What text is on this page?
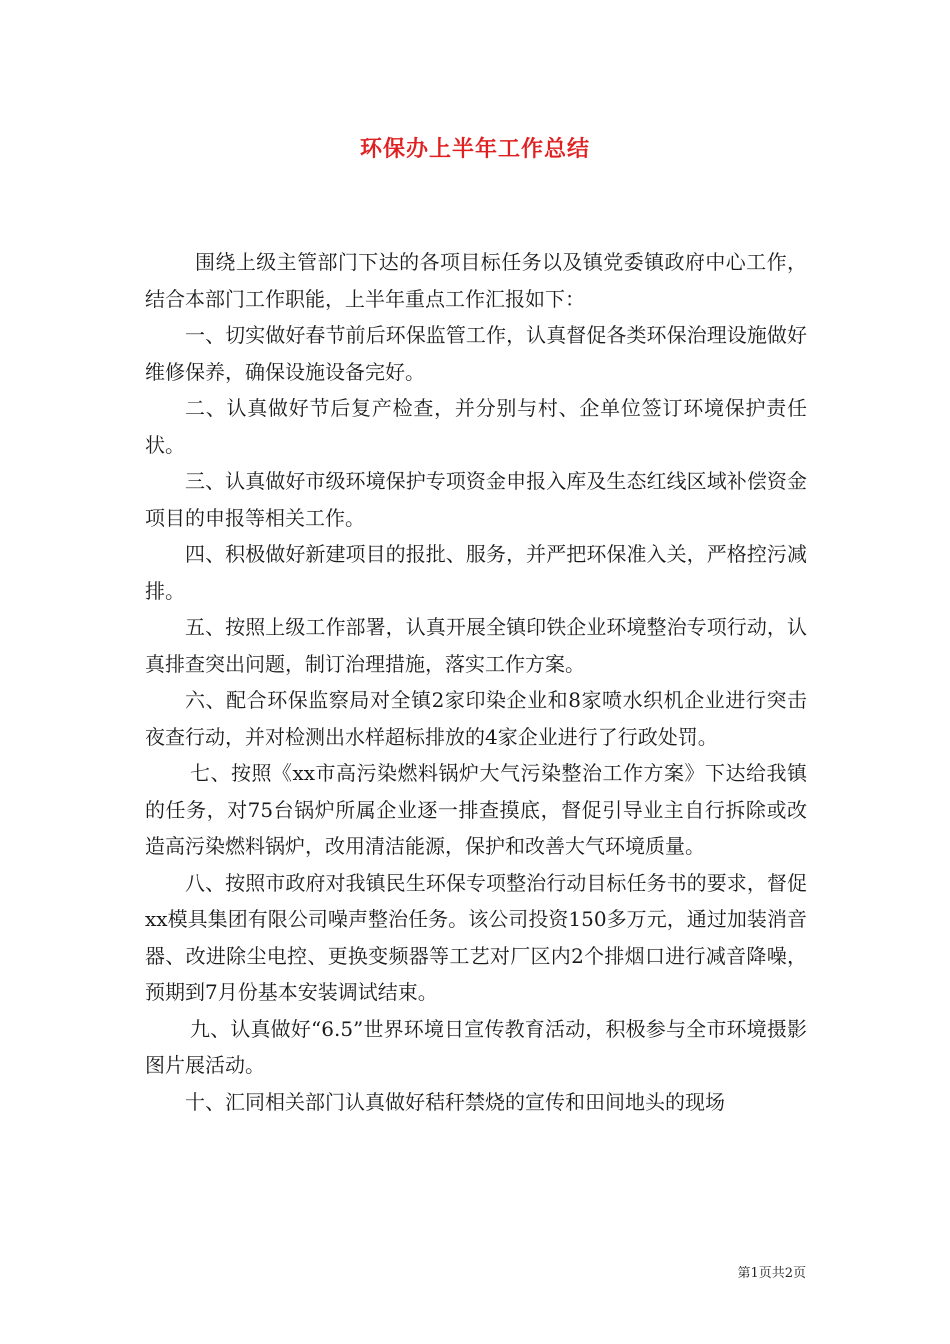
环保办上半年工作总结

围绕上级主管部门下达的各项目标任务以及镇党委镇政府中心工作，结合本部门工作职能，上半年重点工作汇报如下：

一、切实做好春节前后环保监管工作，认真督促各类环保治理设施做好维修保养，确保设施设备完好。

二、认真做好节后复产检查，并分别与村、企单位签订环境保护责任状。

三、认真做好市级环境保护专项资金申报入库及生态红线区域补偿资金项目的申报等相关工作。

四、积极做好新建项目的报批、服务，并严把环保准入关，严格控污减排。

五、按照上级工作部署，认真开展全镇印铁企业环境整治专项行动，认真排查突出问题，制订治理措施，落实工作方案。

六、配合环保监察局对全镇2家印染企业和8家喷水织机企业进行突击夜查行动，并对检测出水样超标排放的4家企业进行了行政处罚。

七、按照《xx市高污染燃料锅炉大气污染整治工作方案》下达给我镇的任务，对75台锅炉所属企业逐一排查摸底，督促引导业主自行拆除或改造高污染燃料锅炉，改用清洁能源，保护和改善大气环境质量。

八、按照市政府对我镇民生环保专项整治行动目标任务书的要求，督促xx模具集团有限公司噪声整治任务。该公司投资150多万元，通过加装消音器、改进除尘电控、更换变频器等工艺对厂区内2个排烟口进行减音降噪，预期到7月份基本安装调试结束。

九、认真做好“6.5”世界环境日宣传教育活动，积极参与全市环境摄影图片展活动。

十、汇同相关部门认真做好秸秆禁烧的宣传和田间地头的现场

第1页共2页
